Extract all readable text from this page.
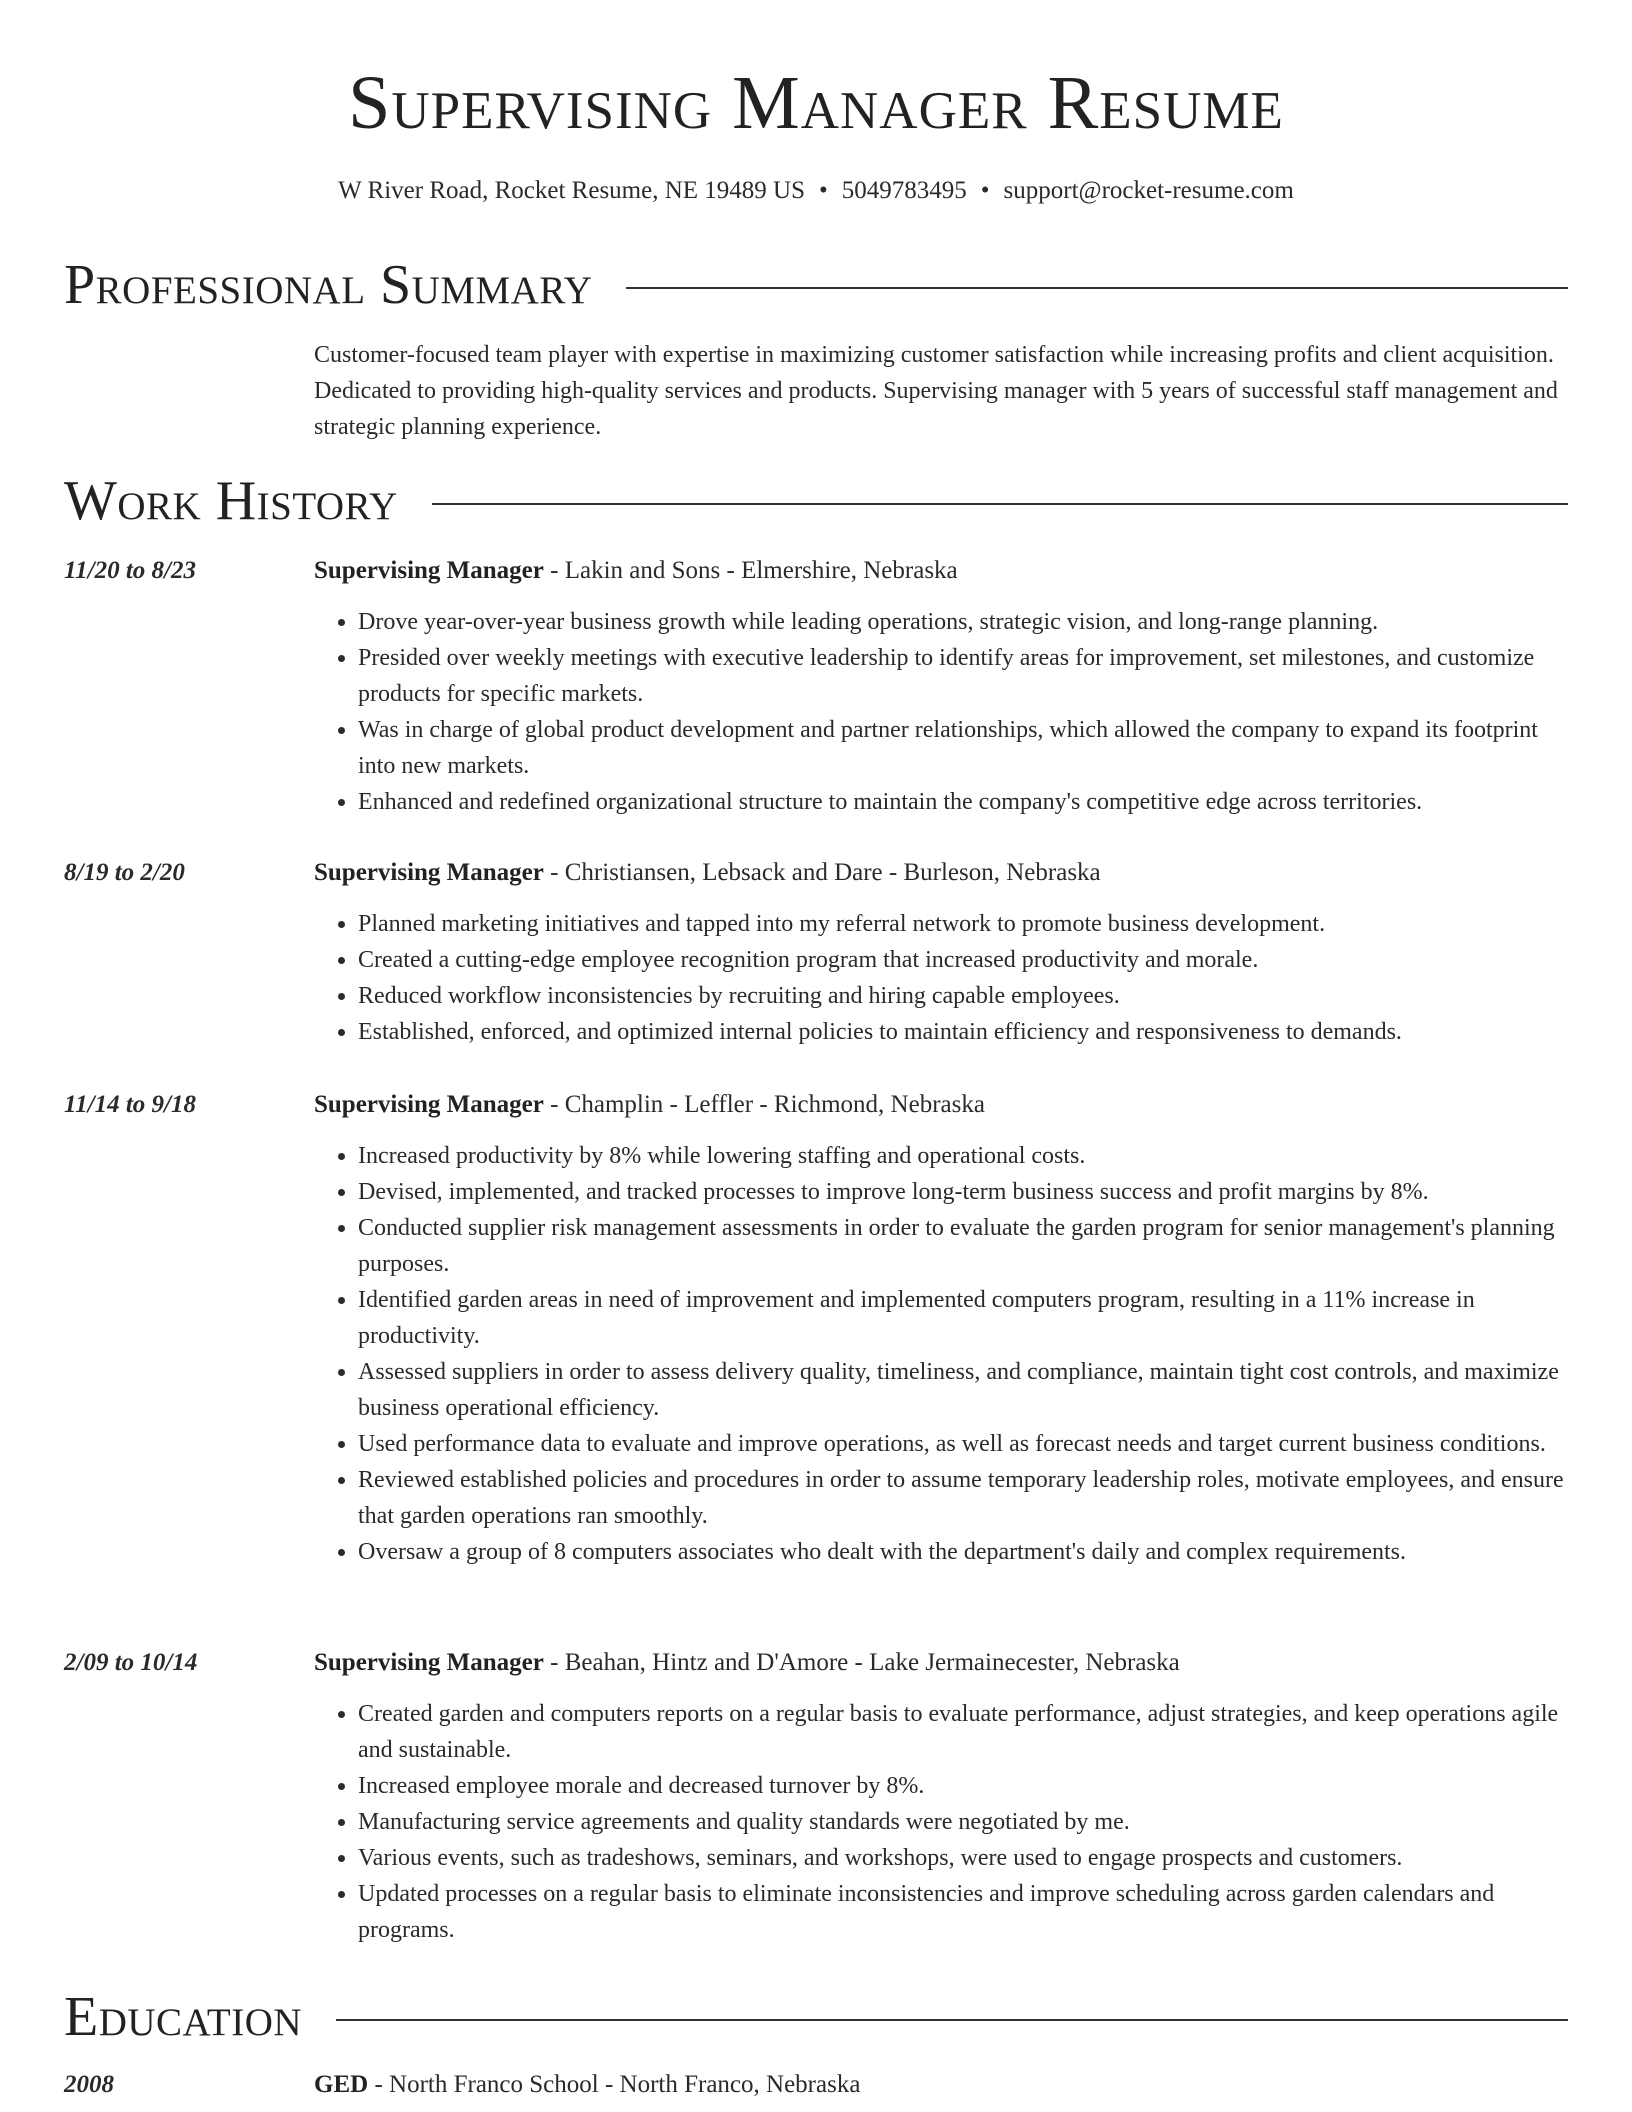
Supervising Manager Resume
W River Road, Rocket Resume, NE 19489 US • 5049783495 • support@rocket-resume.com
Professional Summary
Customer-focused team player with expertise in maximizing customer satisfaction while increasing profits and client acquisition. Dedicated to providing high-quality services and products. Supervising manager with 5 years of successful staff management and strategic planning experience.
Work History
11/20 to 8/23	Supervising Manager - Lakin and Sons - Elmershire, Nebraska
• Drove year-over-year business growth while leading operations, strategic vision, and long-range planning.
• Presided over weekly meetings with executive leadership to identify areas for improvement, set milestones, and customize products for specific markets.
• Was in charge of global product development and partner relationships, which allowed the company to expand its footprint into new markets.
• Enhanced and redefined organizational structure to maintain the company's competitive edge across territories.
8/19 to 2/20	Supervising Manager - Christiansen, Lebsack and Dare - Burleson, Nebraska
• Planned marketing initiatives and tapped into my referral network to promote business development.
• Created a cutting-edge employee recognition program that increased productivity and morale.
• Reduced workflow inconsistencies by recruiting and hiring capable employees.
• Established, enforced, and optimized internal policies to maintain efficiency and responsiveness to demands.
11/14 to 9/18	Supervising Manager - Champlin - Leffler - Richmond, Nebraska
• Increased productivity by 8% while lowering staffing and operational costs.
• Devised, implemented, and tracked processes to improve long-term business success and profit margins by 8%.
• Conducted supplier risk management assessments in order to evaluate the garden program for senior management's planning purposes.
• Identified garden areas in need of improvement and implemented computers program, resulting in a 11% increase in productivity.
• Assessed suppliers in order to assess delivery quality, timeliness, and compliance, maintain tight cost controls, and maximize business operational efficiency.
• Used performance data to evaluate and improve operations, as well as forecast needs and target current business conditions.
• Reviewed established policies and procedures in order to assume temporary leadership roles, motivate employees, and ensure that garden operations ran smoothly.
• Oversaw a group of 8 computers associates who dealt with the department's daily and complex requirements.
2/09 to 10/14	Supervising Manager - Beahan, Hintz and D'Amore - Lake Jermainecester, Nebraska
• Created garden and computers reports on a regular basis to evaluate performance, adjust strategies, and keep operations agile and sustainable.
• Increased employee morale and decreased turnover by 8%.
• Manufacturing service agreements and quality standards were negotiated by me.
• Various events, such as tradeshows, seminars, and workshops, were used to engage prospects and customers.
• Updated processes on a regular basis to eliminate inconsistencies and improve scheduling across garden calendars and programs.
Education
2008	GED - North Franco School - North Franco, Nebraska
